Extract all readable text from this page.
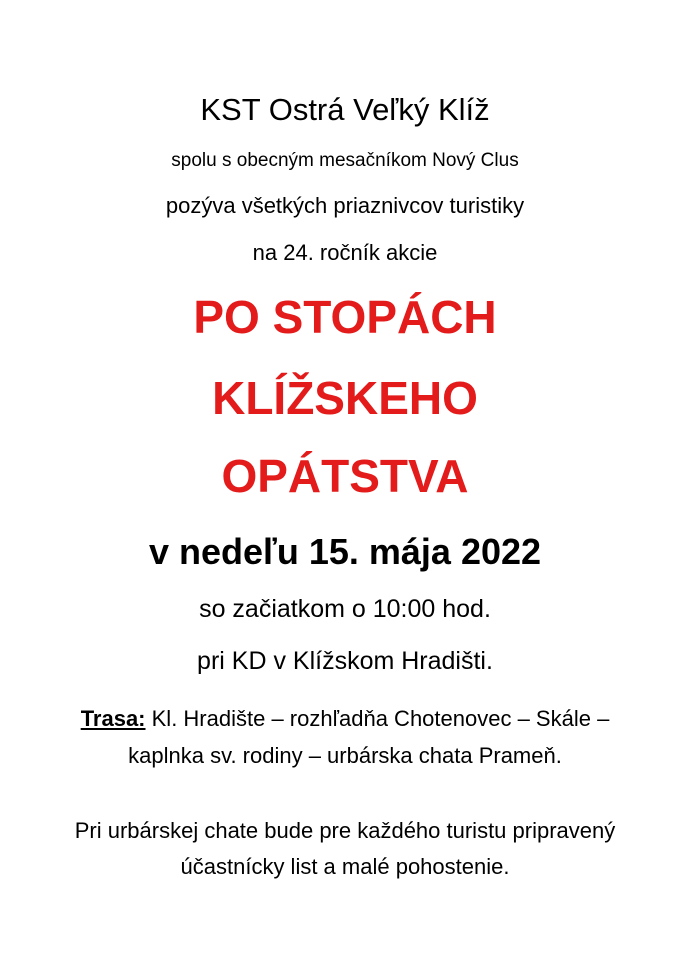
KST Ostrá Veľký Klíž
spolu s obecným mesačníkom Nový Clus
pozýva všetkých priaznivcov turistiky
na 24. ročník akcie
PO STOPÁCH
KLÍŽSKEHO
OPÁTSTVA
v nedeľu 15. mája 2022
so začiatkom o 10:00 hod.
pri KD v Klížskom Hradišti.
Trasa: Kl. Hradište – rozhľadňa Chotenovec – Skále – kaplnka sv. rodiny – urbárska chata Prameň.
Pri urbárskej chate bude pre každého turistu pripravený účastnícky list a malé pohostenie.
